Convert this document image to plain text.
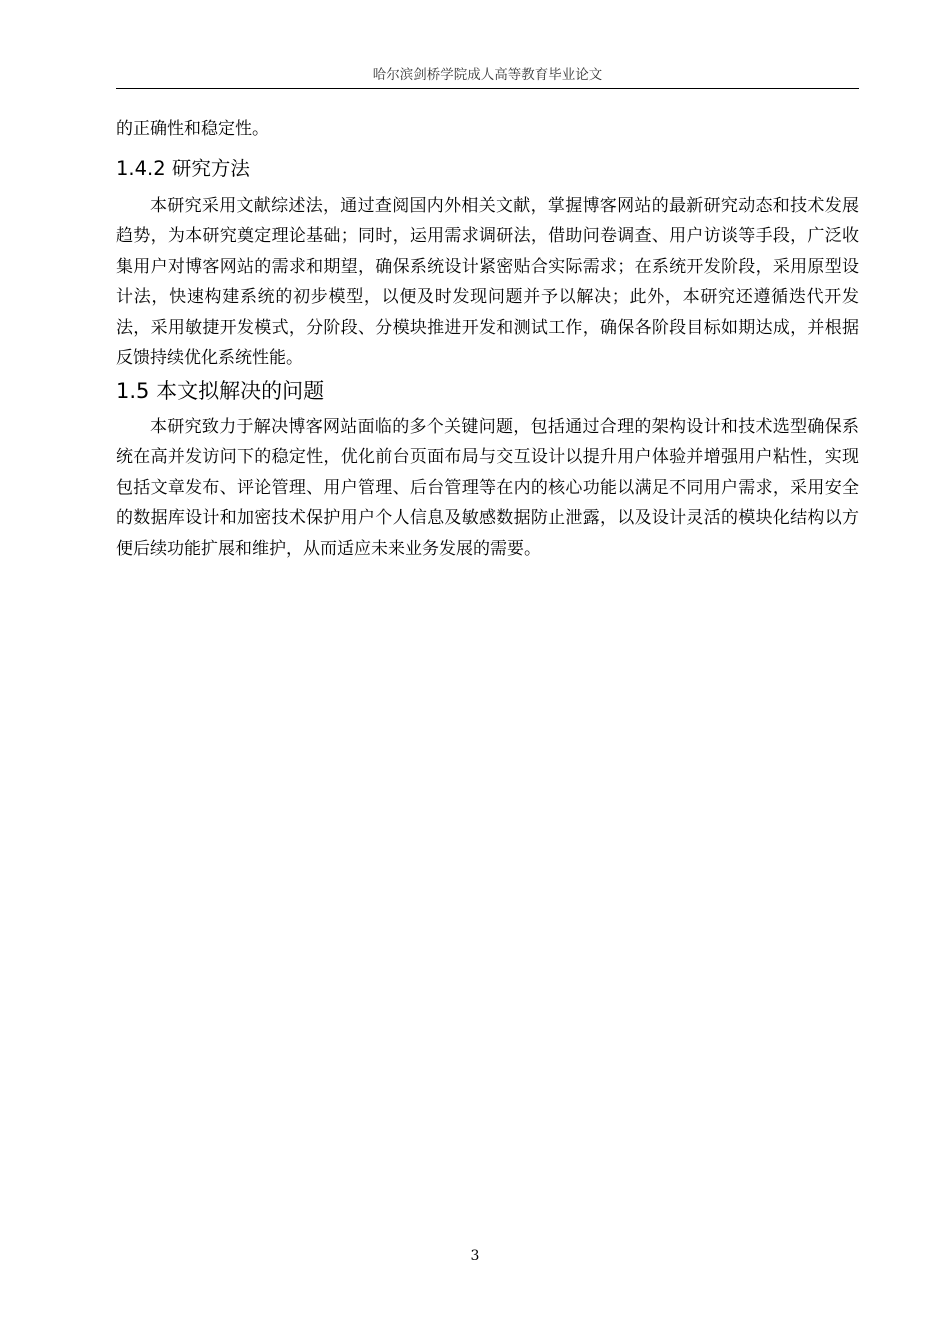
哈尔滨剑桥学院成人高等教育毕业论文

的正确性和稳定性。

1.4.2 研究方法

本研究采用文献综述法，通过查阅国内外相关文献，掌握博客网站的最新研究动态和技术发展趋势，为本研究奠定理论基础；同时，运用需求调研法，借助问卷调查、用户访谈等手段，广泛收集用户对博客网站的需求和期望，确保系统设计紧密贴合实际需求；在系统开发阶段，采用原型设计法，快速构建系统的初步模型，以便及时发现问题并予以解决；此外，本研究还遵循迭代开发法，采用敏捷开发模式，分阶段、分模块推进开发和测试工作，确保各阶段目标如期达成，并根据反馈持续优化系统性能。

1.5 本文拟解决的问题

本研究致力于解决博客网站面临的多个关键问题，包括通过合理的架构设计和技术选型确保系统在高并发访问下的稳定性，优化前台页面布局与交互设计以提升用户体验并增强用户粘性，实现包括文章发布、评论管理、用户管理、后台管理等在内的核心功能以满足不同用户需求，采用安全的数据库设计和加密技术保护用户个人信息及敏感数据防止泄露，以及设计灵活的模块化结构以方便后续功能扩展和维护，从而适应未来业务发展的需要。

3
